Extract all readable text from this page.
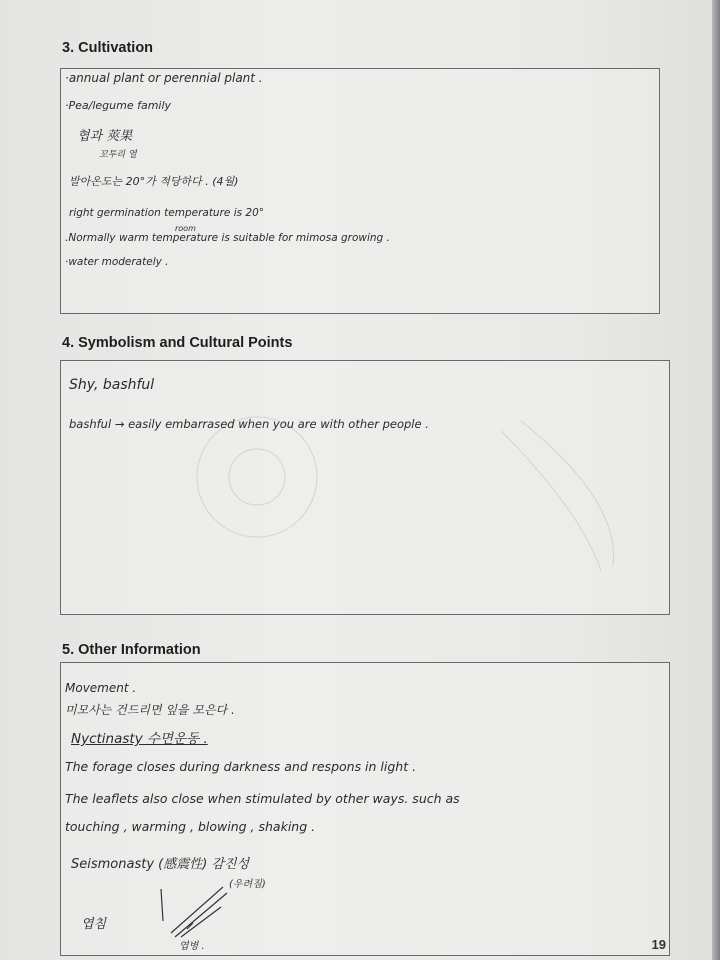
3. Cultivation
·annual plant or perennial plant .
·Pea/legume family
협과 莢果
꼬투리 열
발아온도는 20°가 적당하다 . (4월)
right germination temperature is 20°
room
.Normally warm temperature is suitable for mimosa growing .
·water moderately .
4. Symbolism and Cultural Points
Shy, bashful
bashful → easily embarrased when you are with other people .
5. Other Information
Movement .
미모사는 건드리면 잎을 모은다 .
Nyctinasty 수면운동 .
The forage closes during darkness and respons in light .
The leaflets also close when stimulated by other ways. such as
touching , warming , blowing , shaking .
Seismonasty (感震性) 감진성
(우려짐)
엽침
엽병 .	19
